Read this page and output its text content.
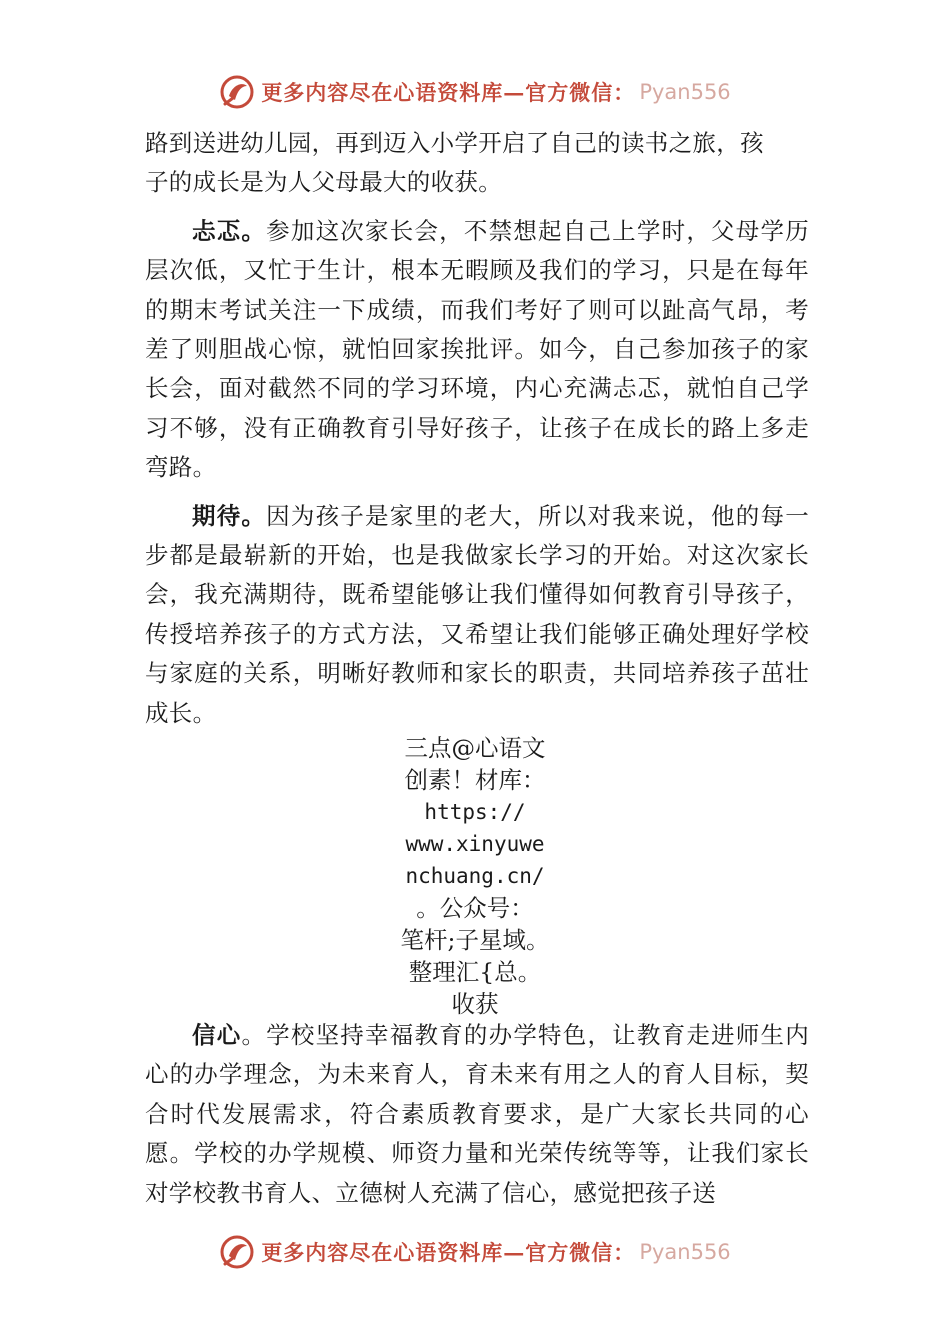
更多内容尽在心语资料库—官方微信： Pyan556

路到送进幼儿园，再到迈入小学开启了自己的读书之旅，孩

子的成长是为人父母最大的收获。

忐忑。参加这次家长会，不禁想起自己上学时，父母学历层次低，又忙于生计，根本无暇顾及我们的学习，只是在每年的期末考试关注一下成绩，而我们考好了则可以趾高气昂，考差了则胆战心惊，就怕回家挨批评。如今，自己参加孩子的家长会，面对截然不同的学习环境，内心充满忐忑，就怕自己学习不够，没有正确教育引导好孩子，让孩子在成长的路上多走弯路。

期待。因为孩子是家里的老大，所以对我来说，他的每一步都是最崭新的开始，也是我做家长学习的开始。对这次家长会，我充满期待，既希望能够让我们懂得如何教育引导孩子，传授培养孩子的方式方法，又希望让我们能够正确处理好学校与家庭的关系，明晰好教师和家长的职责，共同培养孩子茁壮成长。

三点@心语文
创素！材库：
https://
www.xinyuwe
nchuang.cn/
。公众号：
笔杆;子星域。
整理汇{总。
收获

信心。学校坚持幸福教育的办学特色，让教育走进师生内心的办学理念，为未来育人，育未来有用之人的育人目标，契合时代发展需求，符合素质教育要求，是广大家长共同的心愿。学校的办学规模、师资力量和光荣传统等等，让我们家长对学校教书育人、立德树人充满了信心，感觉把孩子送

更多内容尽在心语资料库—官方微信： Pyan556
